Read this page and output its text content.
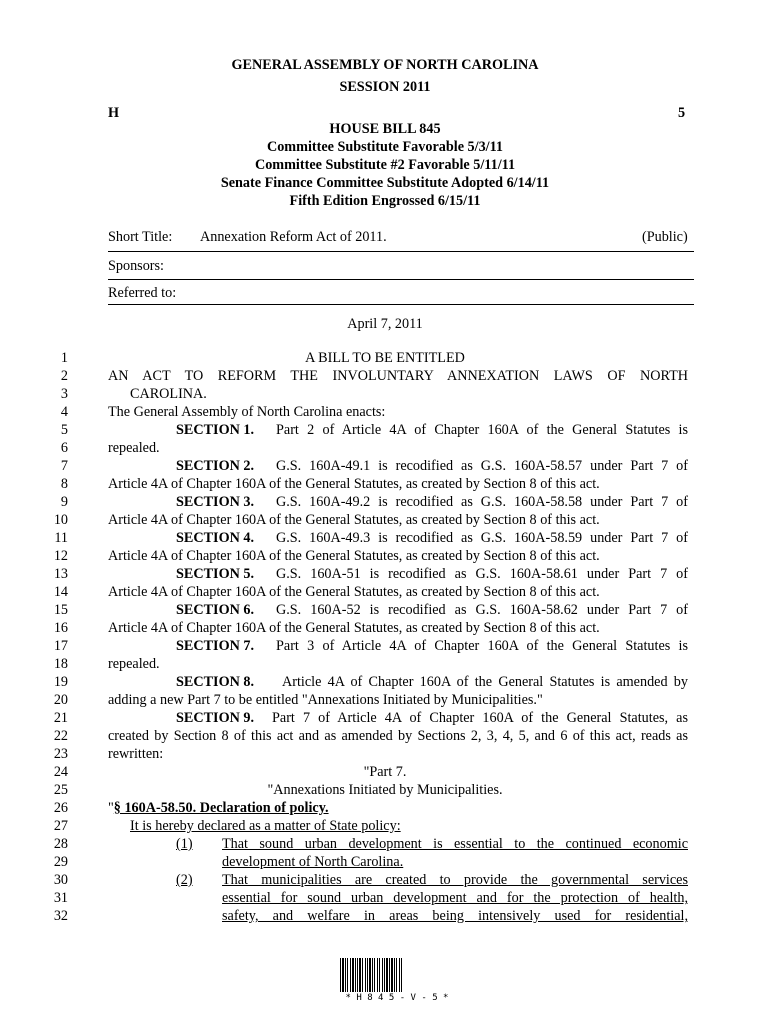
GENERAL ASSEMBLY OF NORTH CAROLINA
SESSION 2011
H	5
HOUSE BILL 845
Committee Substitute Favorable 5/3/11
Committee Substitute #2 Favorable 5/11/11
Senate Finance Committee Substitute Adopted 6/14/11
Fifth Edition Engrossed 6/15/11
Short Title: Annexation Reform Act of 2011.	(Public)
Sponsors:
Referred to:
April 7, 2011
1
2
3
4
5
6
7
8
9
10
11
12
13
14
15
16
17
18
19
20
21
22
23
24
25
26
27
28
29
30
31
32
A BILL TO BE ENTITLED
AN ACT TO REFORM THE INVOLUNTARY ANNEXATION LAWS OF NORTH
CAROLINA.
The General Assembly of North Carolina enacts:
SECTION 1. Part 2 of Article 4A of Chapter 160A of the General Statutes is
repealed.
SECTION 2. G.S. 160A-49.1 is recodified as G.S. 160A-58.57 under Part 7 of
Article 4A of Chapter 160A of the General Statutes, as created by Section 8 of this act.
SECTION 3. G.S. 160A-49.2 is recodified as G.S. 160A-58.58 under Part 7 of
Article 4A of Chapter 160A of the General Statutes, as created by Section 8 of this act.
SECTION 4. G.S. 160A-49.3 is recodified as G.S. 160A-58.59 under Part 7 of
Article 4A of Chapter 160A of the General Statutes, as created by Section 8 of this act.
SECTION 5. G.S. 160A-51 is recodified as G.S. 160A-58.61 under Part 7 of
Article 4A of Chapter 160A of the General Statutes, as created by Section 8 of this act.
SECTION 6. G.S. 160A-52 is recodified as G.S. 160A-58.62 under Part 7 of
Article 4A of Chapter 160A of the General Statutes, as created by Section 8 of this act.
SECTION 7. Part 3 of Article 4A of Chapter 160A of the General Statutes is
repealed.
SECTION 8. Article 4A of Chapter 160A of the General Statutes is amended by
adding a new Part 7 to be entitled "Annexations Initiated by Municipalities."
SECTION 9. Part 7 of Article 4A of Chapter 160A of the General Statutes, as
created by Section 8 of this act and as amended by Sections 2, 3, 4, 5, and 6 of this act, reads as
rewritten:
"Part 7.
"Annexations Initiated by Municipalities.
"§ 160A-58.50. Declaration of policy.
It is hereby declared as a matter of State policy:
(1) That sound urban development is essential to the continued economic
development of North Carolina.
(2) That municipalities are created to provide the governmental services
essential for sound urban development and for the protection of health,
safety, and welfare in areas being intensively used for residential,
* H 8 4 5 - V - 5 *
